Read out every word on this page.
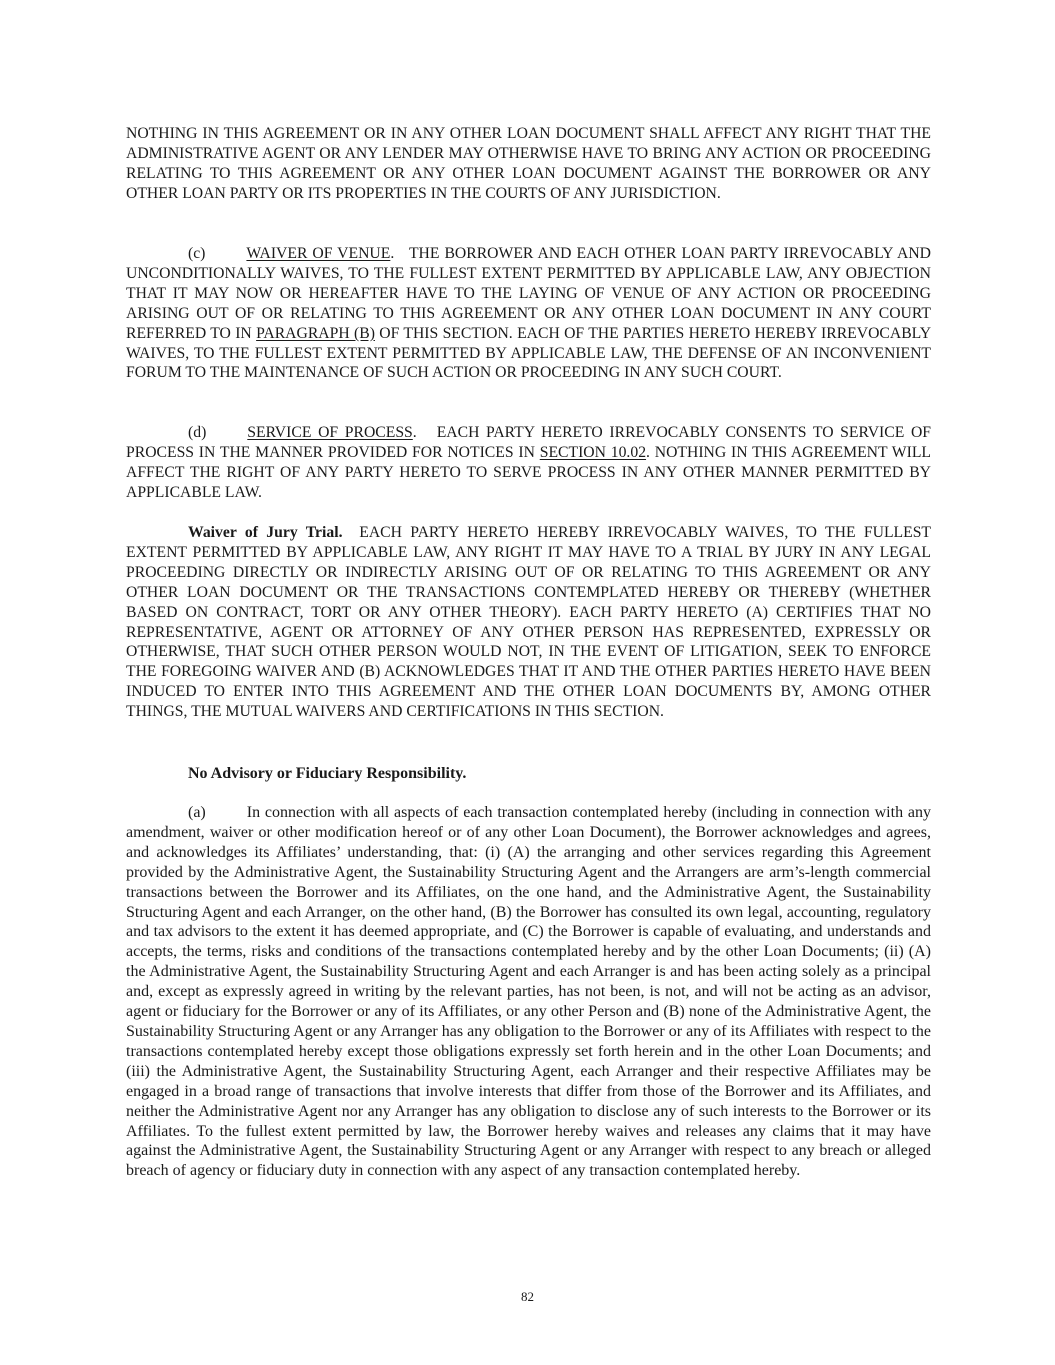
NOTHING IN THIS AGREEMENT OR IN ANY OTHER LOAN DOCUMENT SHALL AFFECT ANY RIGHT THAT THE ADMINISTRATIVE AGENT OR ANY LENDER MAY OTHERWISE HAVE TO BRING ANY ACTION OR PROCEEDING RELATING TO THIS AGREEMENT OR ANY OTHER LOAN DOCUMENT AGAINST THE BORROWER OR ANY OTHER LOAN PARTY OR ITS PROPERTIES IN THE COURTS OF ANY JURISDICTION.

(c)	WAIVER OF VENUE. THE BORROWER AND EACH OTHER LOAN PARTY IRREVOCABLY AND UNCONDITIONALLY WAIVES, TO THE FULLEST EXTENT PERMITTED BY APPLICABLE LAW, ANY OBJECTION THAT IT MAY NOW OR HEREAFTER HAVE TO THE LAYING OF VENUE OF ANY ACTION OR PROCEEDING ARISING OUT OF OR RELATING TO THIS AGREEMENT OR ANY OTHER LOAN DOCUMENT IN ANY COURT REFERRED TO IN PARAGRAPH (B) OF THIS SECTION. EACH OF THE PARTIES HERETO HEREBY IRREVOCABLY WAIVES, TO THE FULLEST EXTENT PERMITTED BY APPLICABLE LAW, THE DEFENSE OF AN INCONVENIENT FORUM TO THE MAINTENANCE OF SUCH ACTION OR PROCEEDING IN ANY SUCH COURT.

(d)	SERVICE OF PROCESS. EACH PARTY HERETO IRREVOCABLY CONSENTS TO SERVICE OF PROCESS IN THE MANNER PROVIDED FOR NOTICES IN SECTION 10.02. NOTHING IN THIS AGREEMENT WILL AFFECT THE RIGHT OF ANY PARTY HERETO TO SERVE PROCESS IN ANY OTHER MANNER PERMITTED BY APPLICABLE LAW.

Waiver of Jury Trial. EACH PARTY HERETO HEREBY IRREVOCABLY WAIVES, TO THE FULLEST EXTENT PERMITTED BY APPLICABLE LAW, ANY RIGHT IT MAY HAVE TO A TRIAL BY JURY IN ANY LEGAL PROCEEDING DIRECTLY OR INDIRECTLY ARISING OUT OF OR RELATING TO THIS AGREEMENT OR ANY OTHER LOAN DOCUMENT OR THE TRANSACTIONS CONTEMPLATED HEREBY OR THEREBY (WHETHER BASED ON CONTRACT, TORT OR ANY OTHER THEORY). EACH PARTY HERETO (A) CERTIFIES THAT NO REPRESENTATIVE, AGENT OR ATTORNEY OF ANY OTHER PERSON HAS REPRESENTED, EXPRESSLY OR OTHERWISE, THAT SUCH OTHER PERSON WOULD NOT, IN THE EVENT OF LITIGATION, SEEK TO ENFORCE THE FOREGOING WAIVER AND (B) ACKNOWLEDGES THAT IT AND THE OTHER PARTIES HERETO HAVE BEEN INDUCED TO ENTER INTO THIS AGREEMENT AND THE OTHER LOAN DOCUMENTS BY, AMONG OTHER THINGS, THE MUTUAL WAIVERS AND CERTIFICATIONS IN THIS SECTION.

No Advisory or Fiduciary Responsibility.

(a)	In connection with all aspects of each transaction contemplated hereby (including in connection with any amendment, waiver or other modification hereof or of any other Loan Document), the Borrower acknowledges and agrees, and acknowledges its Affiliates’ understanding, that: (i) (A) the arranging and other services regarding this Agreement provided by the Administrative Agent, the Sustainability Structuring Agent and the Arrangers are arm’s-length commercial transactions between the Borrower and its Affiliates, on the one hand, and the Administrative Agent, the Sustainability Structuring Agent and each Arranger, on the other hand, (B) the Borrower has consulted its own legal, accounting, regulatory and tax advisors to the extent it has deemed appropriate, and (C) the Borrower is capable of evaluating, and understands and accepts, the terms, risks and conditions of the transactions contemplated hereby and by the other Loan Documents; (ii) (A) the Administrative Agent, the Sustainability Structuring Agent and each Arranger is and has been acting solely as a principal and, except as expressly agreed in writing by the relevant parties, has not been, is not, and will not be acting as an advisor, agent or fiduciary for the Borrower or any of its Affiliates, or any other Person and (B) none of the Administrative Agent, the Sustainability Structuring Agent or any Arranger has any obligation to the Borrower or any of its Affiliates with respect to the transactions contemplated hereby except those obligations expressly set forth herein and in the other Loan Documents; and (iii) the Administrative Agent, the Sustainability Structuring Agent, each Arranger and their respective Affiliates may be engaged in a broad range of transactions that involve interests that differ from those of the Borrower and its Affiliates, and neither the Administrative Agent nor any Arranger has any obligation to disclose any of such interests to the Borrower or its Affiliates. To the fullest extent permitted by law, the Borrower hereby waives and releases any claims that it may have against the Administrative Agent, the Sustainability Structuring Agent or any Arranger with respect to any breach or alleged breach of agency or fiduciary duty in connection with any aspect of any transaction contemplated hereby.

82
